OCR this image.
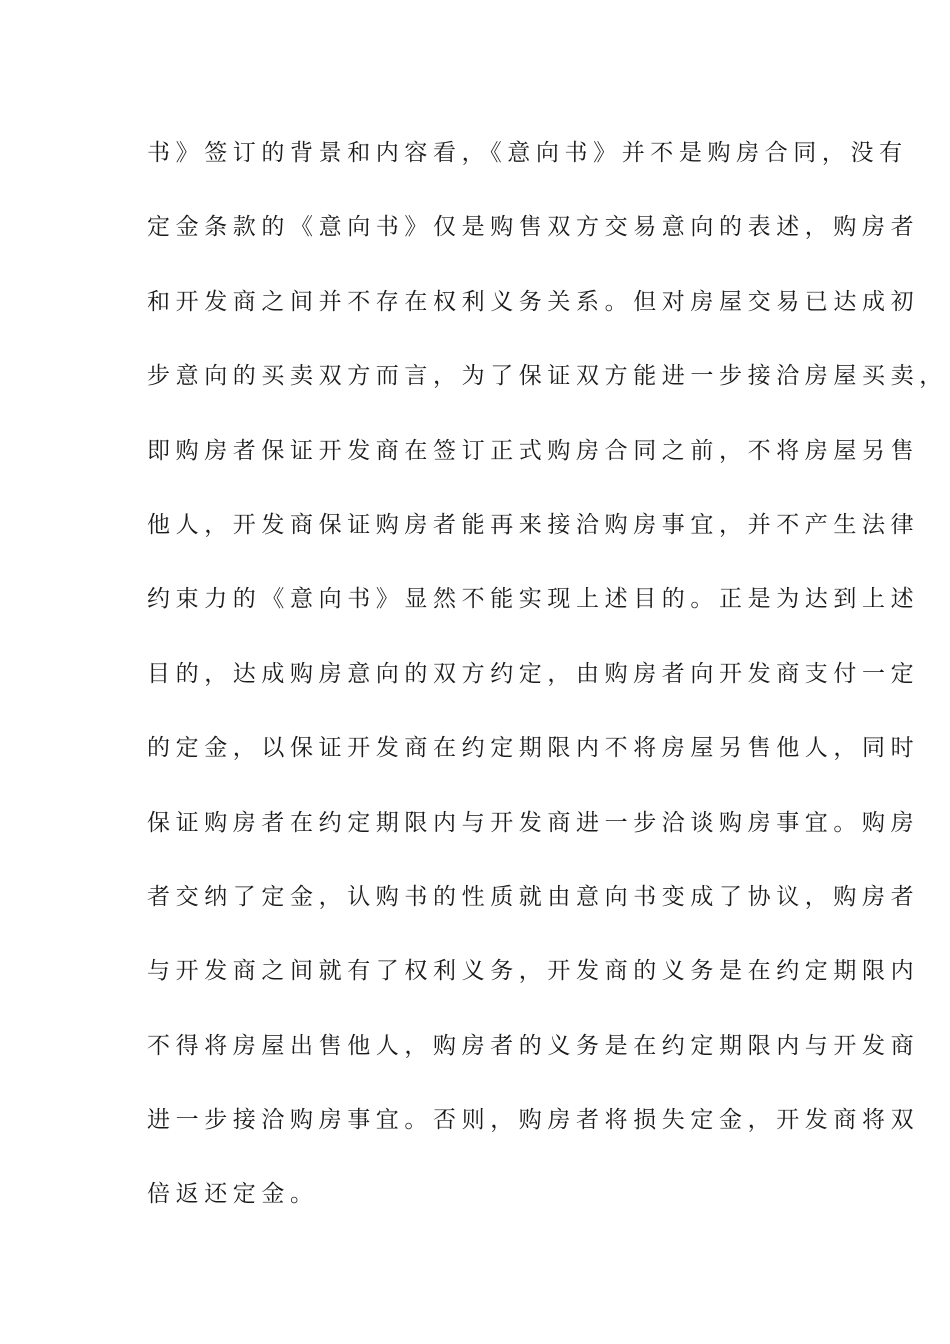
书》签订的背景和内容看，《意向书》并不是购房合同，没有
定金条款的《意向书》仅是购售双方交易意向的表述，购房者
和开发商之间并不存在权利义务关系。但对房屋交易已达成初
步意向的买卖双方而言，为了保证双方能进一步接洽房屋买卖，
即购房者保证开发商在签订正式购房合同之前，不将房屋另售
他人，开发商保证购房者能再来接洽购房事宜，并不产生法律
约束力的《意向书》显然不能实现上述目的。正是为达到上述
目的，达成购房意向的双方约定，由购房者向开发商支付一定
的定金，以保证开发商在约定期限内不将房屋另售他人，同时
保证购房者在约定期限内与开发商进一步洽谈购房事宜。购房
者交纳了定金，认购书的性质就由意向书变成了协议，购房者
与开发商之间就有了权利义务，开发商的义务是在约定期限内
不得将房屋出售他人，购房者的义务是在约定期限内与开发商
进一步接洽购房事宜。否则，购房者将损失定金，开发商将双
倍返还定金。
